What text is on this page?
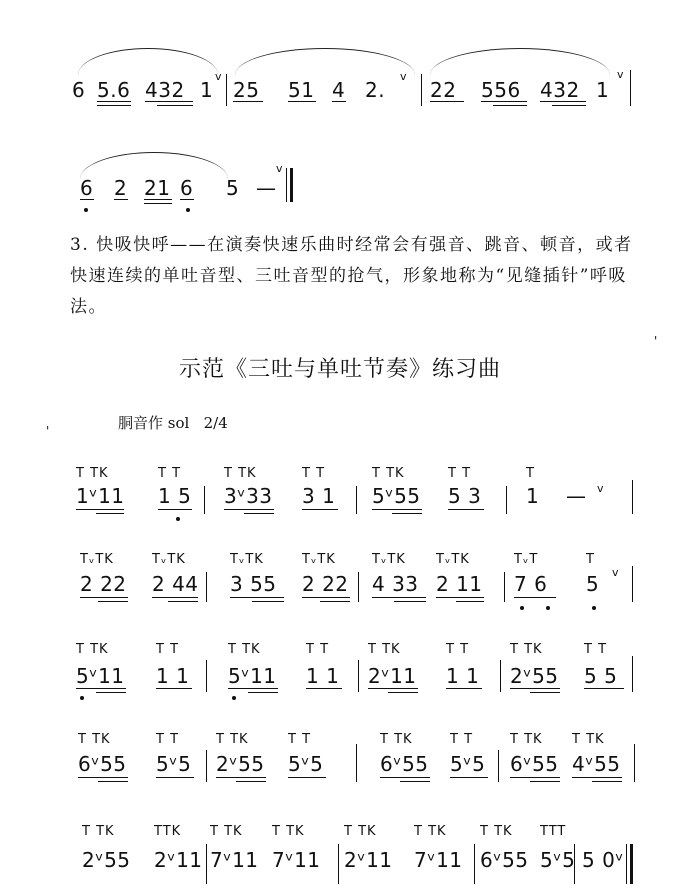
6 5.6 432 1 25 51 4 2. 22 556 432 1
v	v	v
6 2 21 6 5 —
v
3. 快吸快呼——在演奏快速乐曲时经常会有强音、跳音、顿音，或者快速连续的单吐音型、三吐音型的抢气，形象地称为“见缝插针”呼吸法。
示范《三吐与单吐节奏》练习曲
胴音作 sol 2/4
'
'
T TK
1ᵛ11
T T
1 5
T TK
3ᵛ33
T T
3 1
T TK
5ᵛ55
T T
5 3
T
1 — v
TᵥTK
2 22
TᵥTK
2 44
TᵥTK
3 55
TᵥTK
2 22
TᵥTK
4 33
TᵥTK
2 11
TᵥT
7 6
T
5 v
T TK
5ᵛ11
T T
1 1
T TK
5ᵛ11
T T
1 1
T TK
2ᵛ11
T T
1 1
T TK
2ᵛ55
T T
5 5
T TK
6ᵛ55
T T
5ᵛ5
T TK
2ᵛ55
T T
5ᵛ5
T TK
6ᵛ55
T T
5ᵛ5
T TK
6ᵛ55
T TK
4ᵛ55
T TK
2ᵛ55
TTK
2ᵛ11
T TK
7ᵛ11
T TK
7ᵛ11
T TK
2ᵛ11
T TK
7ᵛ11
T TK
6ᵛ55
TTT
5ᵛ5 5 0ᵛ
